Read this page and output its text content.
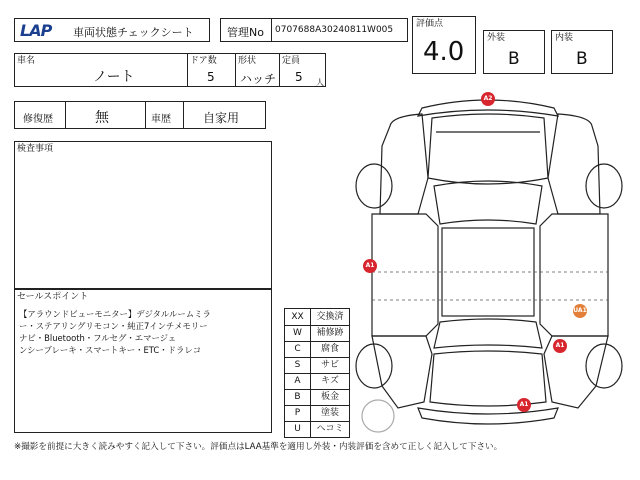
LAP	車両状態チェックシート	管理No 0707688A30240811W005
評価点
4.0	外装
B
内装
B
車名
ノート
ドア数
5
形状
ハッチ
定員
5 人
修復歴	無	車歴	自家用
検査事項
セールスポイント
【アラウンドビューモニター】デジタルルームミラ
ー・ステアリングリモコン・純正7インチメモリー
ナビ・Bluetooth・フルセグ・エマージェ
ンシーブレーキ・スマートキー・ETC・ドラレコ
XX	交換済
W	補修跡
C	腐食
S	サビ
A	キズ
B	板金
P	塗装
U	ヘコミ
A2
A1
UA1
A1
A1
※撮影を前提に大きく読みやすく記入して下さい。評価点はLAA基準を適用し外装・内装評価を含めて正しく記入して下さい。
